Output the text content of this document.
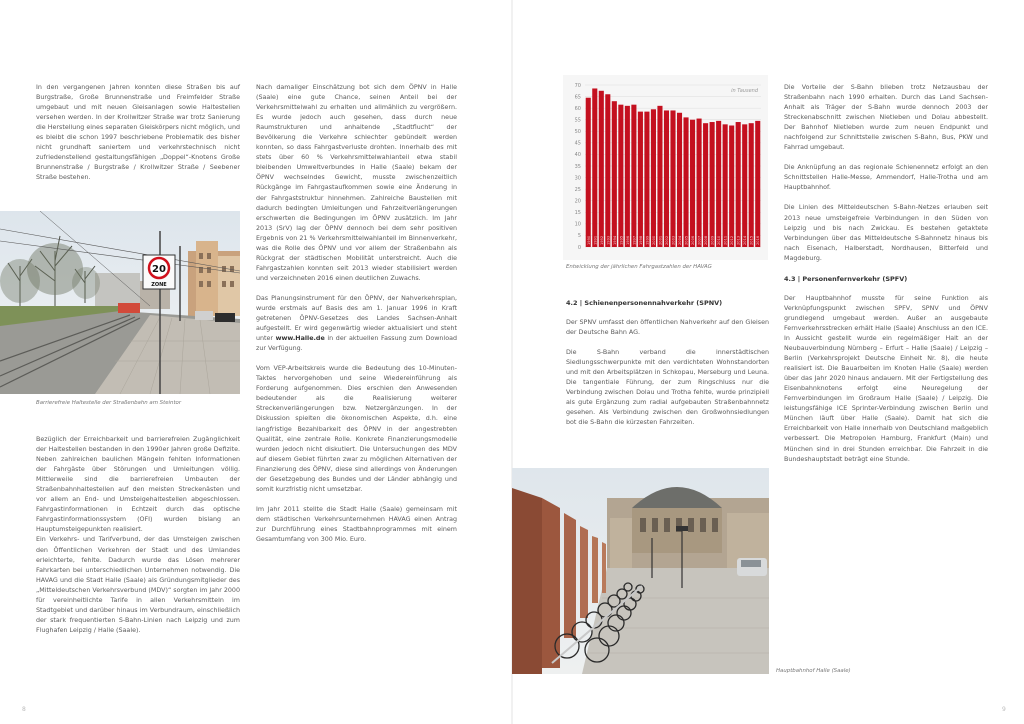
In den vergangenen Jahren konnten diese Straßen bis auf Burgstraße, Große Brunnenstraße und Freimfelder Straße umgebaut und mit neuen Gleisanlagen sowie Haltestellen versehen werden. In der Krollwitzer Straße war trotz Sanierung die Herstellung eines separaten Gleiskörpers nicht möglich, und es bleibt die schon 1997 beschriebene Problematik des bisher nicht grundhaft saniertem und verkehrstechnisch nicht zufriedenstellend gestaltungsfähigen „Doppel“-Knotens Große Brunnenstraße / Burgstraße / Krollwitzer Straße / Seebener Straße bestehen.

20
ZONE
Barrierefreie Haltestelle der Straßenbahn am Steintor

Bezüglich der Erreichbarkeit und barrierefreien Zugänglichkeit der Haltestellen bestanden in den 1990er Jahren große Defizite. Neben zahlreichen baulichen Mängeln fehlten Informationen der Fahrgäste über Störungen und Umleitungen völlig. Mittlerweile sind die barrierefreien Umbauten der Straßenbahnhaltestellen auf den meisten Streckenästen und vor allem an End- und Umsteigehaltestellen abgeschlossen. Fahrgastinformationen in Echtzeit durch das optische Fahrgastinformationssystem (OFI) wurden bislang an Hauptumsteigepunkten realisiert.

Ein Verkehrs- und Tarifverbund, der das Umsteigen zwischen den Öffentlichen Verkehren der Stadt und des Umlandes erleichterte, fehlte. Dadurch wurde das Lösen mehrerer Fahrkarten bei unterschiedlichen Unternehmen notwendig. Die HAVAG und die Stadt Halle (Saale) als Gründungsmitglieder des „Mitteldeutschen Verkehrsverbund (MDV)“ sorgten im Jahr 2000 für vereinheitlichte Tarife in allen Verkehrsmitteln im Stadtgebiet und darüber hinaus im Verbundraum, einschließlich der stark frequentierten S-Bahn-Linien nach Leipzig und zum Flughafen Leipzig / Halle (Saale).

Nach damaliger Einschätzung bot sich dem ÖPNV in Halle (Saale) eine gute Chance, seinen Anteil bei der Verkehrsmittelwahl zu erhalten und allmählich zu vergrößern. Es wurde jedoch auch gesehen, dass durch neue Raumstrukturen und anhaltende „Stadtflucht“ der Bevölkerung die Verkehre schlechter gebündelt werden konnten, so dass Fahrgastverluste drohten. Innerhalb des mit stets über 60 % Verkehrsmittelwahlanteil etwa stabil bleibenden Umweltverbundes in Halle (Saale) bekam der ÖPNV wechselndes Gewicht, musste zwischenzeitlich Rückgänge im Fahrgastaufkommen sowie eine Änderung in der Fahrgaststruktur hinnehmen. Zahlreiche Baustellen mit dadurch bedingten Umleitungen und Fahrzeitverlängerungen erschwerten die Bedingungen im ÖPNV zusätzlich. Im Jahr 2013 (SrV) lag der ÖPNV dennoch bei dem sehr positiven Ergebnis von 21 % Verkehrsmittelwahlanteil im Binnenverkehr, was die Rolle des ÖPNV und vor allem der Straßenbahn als Rückgrat der städtischen Mobilität unterstreicht. Auch die Fahrgastzahlen konnten seit 2013 wieder stabilisiert werden und verzeichneten 2016 einen deutlichen Zuwachs.

Das Planungsinstrument für den ÖPNV, der Nahverkehrsplan, wurde erstmals auf Basis des am 1. Januar 1996 in Kraft getretenen ÖPNV-Gesetzes des Landes Sachsen-Anhalt aufgestellt. Er wird gegenwärtig wieder aktualisiert und steht unter www.Halle.de in der aktuellen Fassung zum Download zur Verfügung.

Vom VEP-Arbeitskreis wurde die Bedeutung des 10-Minuten-Taktes hervorgehoben und seine Wiedereinführung als Forderung aufgenommen. Dies erschien den Anwesenden bedeutender als die Realisierung weiterer Streckenverlängerungen bzw. Netzergänzungen. In der Diskussion spielten die ökonomischen Aspekte, d.h. eine langfristige Bezahlbarkeit des ÖPNV in der angestrebten Qualität, eine zentrale Rolle. Konkrete Finanzierungsmodelle wurden jedoch nicht diskutiert. Die Untersuchungen des MDV auf diesem Gebiet führten zwar zu möglichen Alternativen der Finanzierung des ÖPNV, diese sind allerdings von Änderungen der Gesetzgebung des Bundes und der Länder abhängig und somit kurzfristig nicht umsetzbar.

Im Jahr 2011 stellte die Stadt Halle (Saale) gemeinsam mit dem städtischen Verkehrsunternehmen HAVAG einen Antrag zur Durchführung eines Stadtbahnprogrammes mit einem Gesamtumfang von 300 Mio. Euro.

8
0
5
10
15
20
25
30
35
40
45
50
55
60
65
70
1990 1991 1992 1993 1994 1995 1996 1997 1998 1999 2000 2001 2002 2003 2004 2005 2006 2007 2008 2009 2010 2011 2012 2013 2014 2015 2016
in Tausend
Entwicklung der jährlichen Fahrgastzahlen der HAVAG

4.2 | Schienenpersonennahverkehr (SPNV)

Der SPNV umfasst den öffentlichen Nahverkehr auf den Gleisen der Deutsche Bahn AG.

Die S-Bahn verband die innerstädtischen Siedlungsschwerpunkte mit den verdichteten Wohnstandorten und mit den Arbeitsplätzen in Schkopau, Merseburg und Leuna. Die tangentiale Führung, der zum Ringschluss nur die Verbindung zwischen Dolau und Trotha fehlte, wurde prinzipiell als gute Ergänzung zum radial aufgebauten Straßenbahnnetz gesehen. Als Verbindung zwischen den Großwohnsiedlungen bot die S-Bahn die kürzesten Fahrzeiten.

Hauptbahnhof Halle (Saale)

Die Vorteile der S-Bahn blieben trotz Netzausbau der Straßenbahn nach 1990 erhalten. Durch das Land Sachsen-Anhalt als Träger der S-Bahn wurde dennoch 2003 der Streckenabschnitt zwischen Nietleben und Dolau abbestellt. Der Bahnhof Nietleben wurde zum neuen Endpunkt und nachfolgend zur Schnittstelle zwischen S-Bahn, Bus, PKW und Fahrrad umgebaut.

Die Anknüpfung an das regionale Schienennetz erfolgt an den Schnittstellen Halle-Messe, Ammendorf, Halle-Trotha und am Hauptbahnhof.

Die Linien des Mitteldeutschen S-Bahn-Netzes erlauben seit 2013 neue umsteigefreie Verbindungen in den Süden von Leipzig und bis nach Zwickau. Es bestehen getaktete Verbindungen über das Mitteldeutsche S-Bahnnetz hinaus bis nach Eisenach, Halberstadt, Nordhausen, Bitterfeld und Magdeburg.

4.3 | Personenfernverkehr (SPFV)

Der Hauptbahnhof musste für seine Funktion als Verknüpfungspunkt zwischen SPFV, SPNV und ÖPNV grundlegend umgebaut werden. Außer an ausgebaute Fernverkehrsstrecken erhält Halle (Saale) Anschluss an den ICE. In Aussicht gestellt wurde ein regelmäßiger Halt an der Neubauverbindung Nürnberg – Erfurt – Halle (Saale) / Leipzig – Berlin (Verkehrsprojekt Deutsche Einheit Nr. 8), die heute realisiert ist. Die Bauarbeiten im Knoten Halle (Saale) werden über das Jahr 2020 hinaus andauern. Mit der Fertigstellung des Eisenbahnknotens erfolgt eine Neuregelung der Fernverbindungen im Großraum Halle (Saale) / Leipzig. Die leistungsfähige ICE Sprinter-Verbindung zwischen Berlin und München läuft über Halle (Saale). Damit hat sich die Erreichbarkeit von Halle innerhalb von Deutschland maßgeblich verbessert. Die Metropolen Hamburg, Frankfurt (Main) und München sind in drei Stunden erreichbar. Die Fahrzeit in die Bundeshauptstadt beträgt eine Stunde.

9
